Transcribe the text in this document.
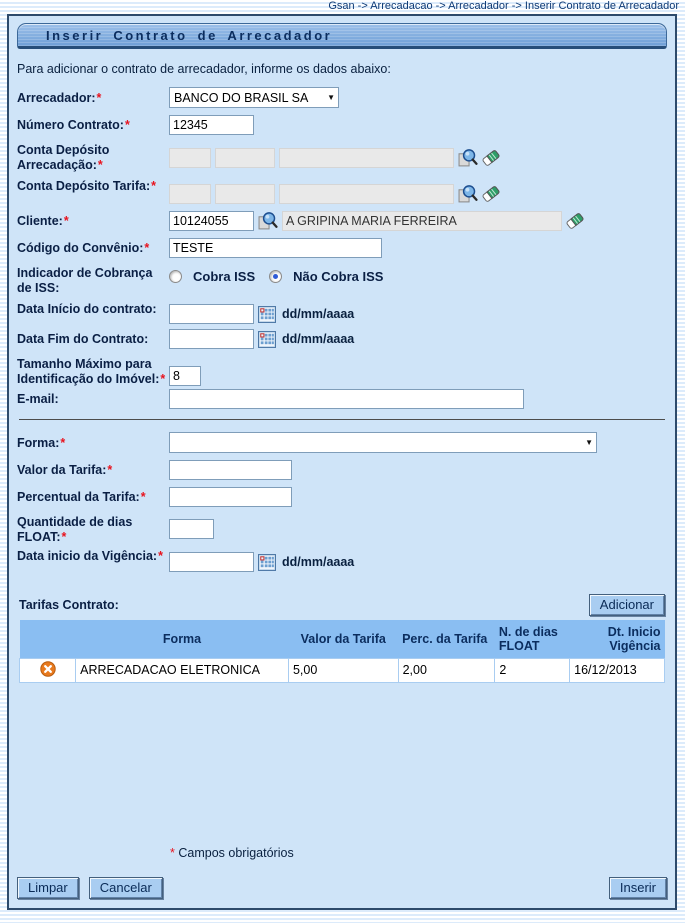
Gsan -> Arrecadacao -> Arrecadador -> Inserir Contrato de Arrecadador
Inserir Contrato de Arrecadador
Para adicionar o contrato de arrecadador, informe os dados abaixo:
Arrecadador:*	BANCO DO BRASIL SA	▼
Número Contrato:*
12345
Conta Depósito Arrecadação:*
Conta Depósito Tarifa:*
Cliente:*
10124055
A GRIPINA MARIA FERREIRA
Código do Convênio:*
TESTE
Indicador de Cobrança de ISS:
Cobra ISS	Não Cobra ISS
Data Início do contrato:	dd/mm/aaaa
Data Fim do Contrato:	dd/mm/aaaa
Tamanho Máximo para Identificação do Imóvel:*
8
E-mail:
Forma:*	▼
Valor da Tarifa:*
Percentual da Tarifa:*
Quantidade de dias FLOAT:*
Data inicio da Vigência:*	dd/mm/aaaa
Tarifas Contrato:	Adicionar
	Forma	Valor da Tarifa	Perc. da Tarifa	N. de dias FLOAT	Dt. Inicio Vigência

	ARRECADACAO ELETRONICA	5,00	2,00	2	16/12/2013
* Campos obrigatórios
Limpar	Cancelar	Inserir
